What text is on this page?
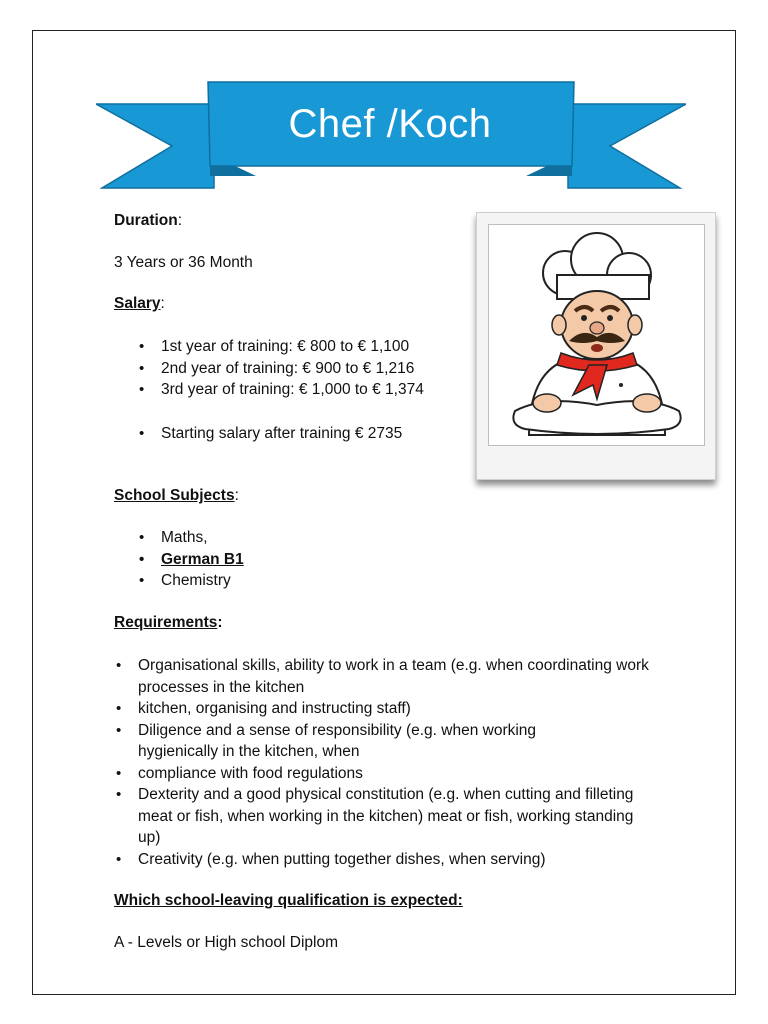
Chef /Koch
Duration:
3 Years or 36 Month
Salary:
• 1st year of training: € 800 to € 1,100
• 2nd year of training: € 900 to € 1,216
• 3rd year of training: € 1,000 to € 1,374
• Starting salary after training € 2735
School Subjects:
• Maths,
• German B1
• Chemistry
Requirements:
• Organisational skills, ability to work in a team (e.g. when coordinating work processes in the kitchen
• kitchen, organising and instructing staff)
• Diligence and a sense of responsibility (e.g. when working hygienically in the kitchen, when
• compliance with food regulations
• Dexterity and a good physical constitution (e.g. when cutting and filleting meat or fish, when working in the kitchen) meat or fish, working standing up)
• Creativity (e.g. when putting together dishes, when serving)
Which school-leaving qualification is expected:
A - Levels or High school Diplom
